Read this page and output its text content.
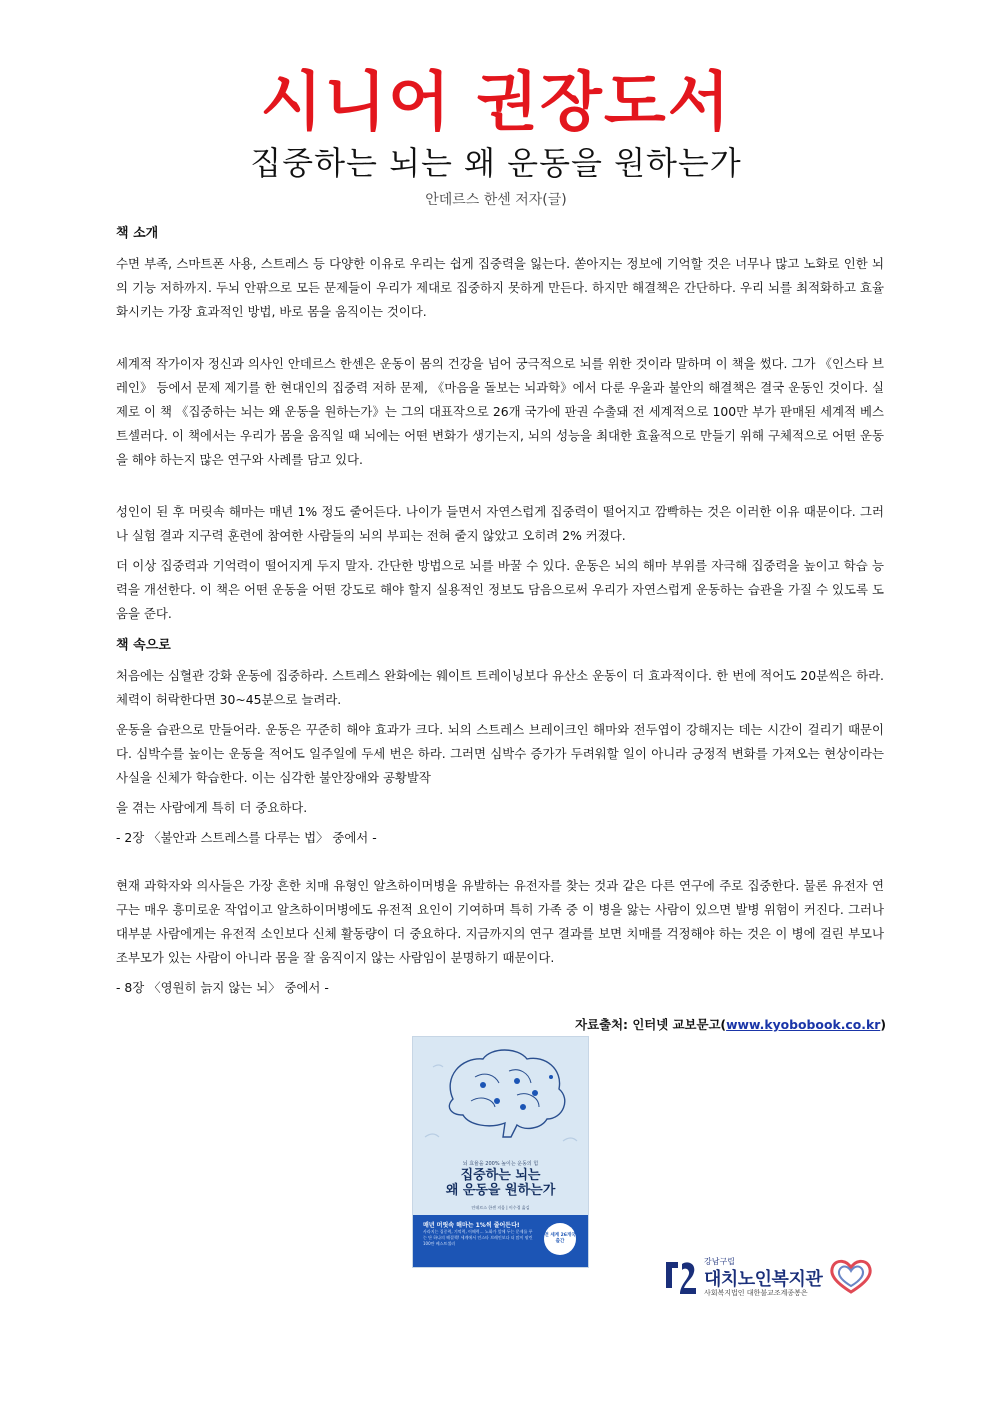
시니어 권장도서
집중하는 뇌는 왜 운동을 원하는가
안데르스 한센 저자(글)
책 소개

수면 부족, 스마트폰 사용, 스트레스 등 다양한 이유로 우리는 쉽게 집중력을 잃는다. 쏟아지는 정보에 기억할 것은 너무나 많고 노화로 인한 뇌의 기능 저하까지. 두뇌 안팎으로 모든 문제들이 우리가 제대로 집중하지 못하게 만든다. 하지만 해결책은 간단하다. 우리 뇌를 최적화하고 효율화시키는 가장 효과적인 방법, 바로 몸을 움직이는 것이다.

세계적 작가이자 정신과 의사인 안데르스 한센은 운동이 몸의 건강을 넘어 궁극적으로 뇌를 위한 것이라 말하며 이 책을 썼다. 그가 《인스타 브레인》 등에서 문제 제기를 한 현대인의 집중력 저하 문제, 《마음을 돌보는 뇌과학》에서 다룬 우울과 불안의 해결책은 결국 운동인 것이다. 실제로 이 책 《집중하는 뇌는 왜 운동을 원하는가》는 그의 대표작으로 26개 국가에 판권 수출돼 전 세계적으로 100만 부가 판매된 세계적 베스트셀러다. 이 책에서는 우리가 몸을 움직일 때 뇌에는 어떤 변화가 생기는지, 뇌의 성능을 최대한 효율적으로 만들기 위해 구체적으로 어떤 운동을 해야 하는지 많은 연구와 사례를 담고 있다.

성인이 된 후 머릿속 해마는 매년 1% 정도 줄어든다. 나이가 들면서 자연스럽게 집중력이 떨어지고 깜빡하는 것은 이러한 이유 때문이다. 그러나 실험 결과 지구력 훈련에 참여한 사람들의 뇌의 부피는 전혀 줄지 않았고 오히려 2% 커졌다.

더 이상 집중력과 기억력이 떨어지게 두지 말자. 간단한 방법으로 뇌를 바꿀 수 있다. 운동은 뇌의 해마 부위를 자극해 집중력을 높이고 학습 능력을 개선한다. 이 책은 어떤 운동을 어떤 강도로 해야 할지 실용적인 정보도 담음으로써 우리가 자연스럽게 운동하는 습관을 가질 수 있도록 도움을 준다.

책 속으로

처음에는 심혈관 강화 운동에 집중하라. 스트레스 완화에는 웨이트 트레이닝보다 유산소 운동이 더 효과적이다. 한 번에 적어도 20분씩은 하라. 체력이 허락한다면 30~45분으로 늘려라.

운동을 습관으로 만들어라. 운동은 꾸준히 해야 효과가 크다. 뇌의 스트레스 브레이크인 해마와 전두엽이 강해지는 데는 시간이 걸리기 때문이다. 심박수를 높이는 운동을 적어도 일주일에 두세 번은 하라. 그러면 심박수 증가가 두려워할 일이 아니라 긍정적 변화를 가져오는 현상이라는 사실을 신체가 학습한다. 이는 심각한 불안장애와 공황발작

을 겪는 사람에게 특히 더 중요하다.

- 2장 〈불안과 스트레스를 다루는 법〉 중에서 -

현재 과학자와 의사들은 가장 흔한 치매 유형인 알츠하이머병을 유발하는 유전자를 찾는 것과 같은 다른 연구에 주로 집중한다. 물론 유전자 연구는 매우 흥미로운 작업이고 알츠하이머병에도 유전적 요인이 기여하며 특히 가족 중 이 병을 앓는 사람이 있으면 발병 위험이 커진다. 그러나 대부분 사람에게는 유전적 소인보다 신체 활동량이 더 중요하다. 지금까지의 연구 결과를 보면 치매를 걱정해야 하는 것은 이 병에 걸린 부모나 조부모가 있는 사람이 아니라 몸을 잘 움직이지 않는 사람임이 분명하기 때문이다.

- 8장 〈영원히 늙지 않는 뇌〉 중에서 -

자료출처: 인터넷 교보문고(www.kyobobook.co.kr)
뇌 효율을 200% 높이는 운동의 힘
집중하는 뇌는
왜 운동을 원하는가
안데르스 한센 지음 | 이수경 옮김
매년 머릿속 해마는 1%씩 줄어든다!
사라지는 집중력, 기억력, 이해력… 노화가 앞에 두는 문제를 푸는 단 하나의 해결책! 세계에서 인스타 브레인보다 더 많이 팔린 100만 베스트셀러
전 세계 26개국 출간
강남구립
대치노인복지관
사회복지법인 대한불교조계종봉은
